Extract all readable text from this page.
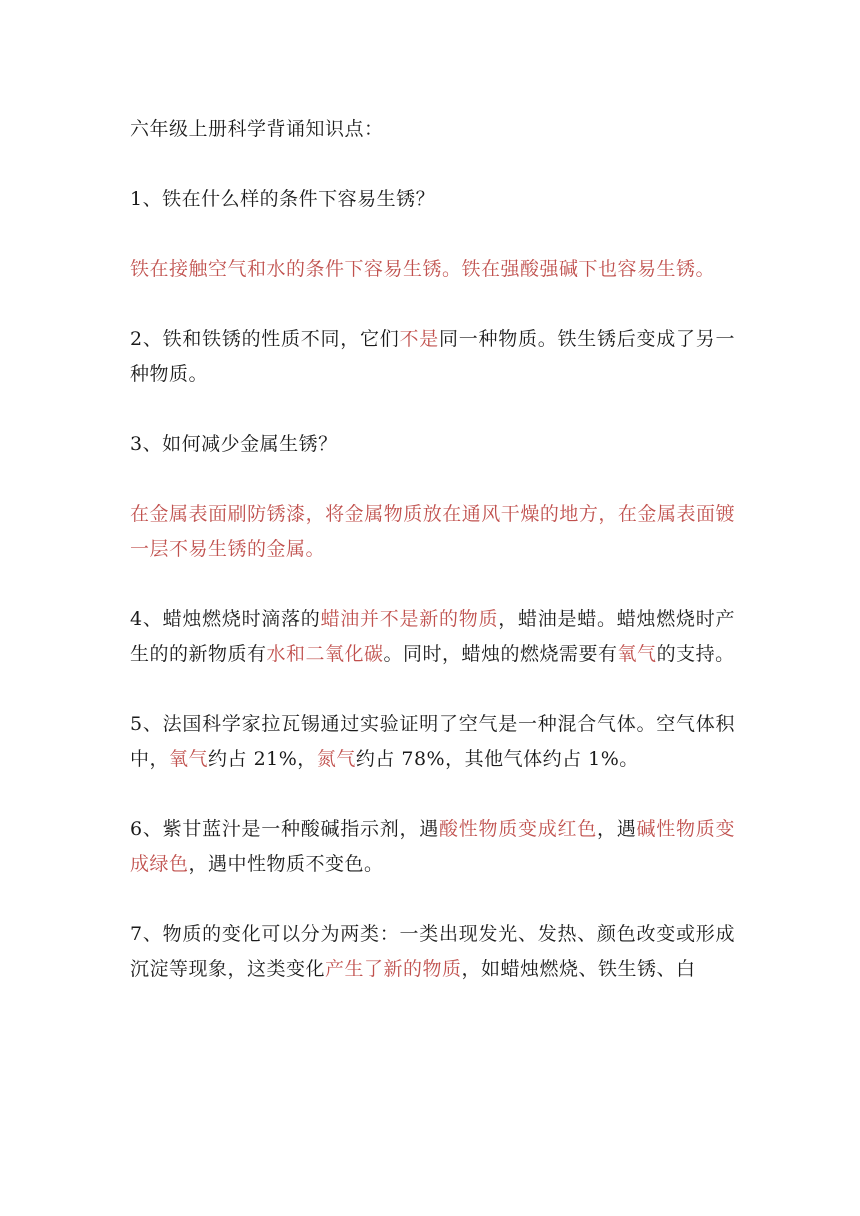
六年级上册科学背诵知识点：

1、铁在什么样的条件下容易生锈？

铁在接触空气和水的条件下容易生锈。铁在强酸强碱下也容易生锈。

2、铁和铁锈的性质不同，它们不是同一种物质。铁生锈后变成了另一种物质。

3、如何减少金属生锈？

在金属表面刷防锈漆，将金属物质放在通风干燥的地方，在金属表面镀一层不易生锈的金属。

4、蜡烛燃烧时滴落的蜡油并不是新的物质，蜡油是蜡。蜡烛燃烧时产生的的新物质有水和二氧化碳。同时，蜡烛的燃烧需要有氧气的支持。

5、法国科学家拉瓦锡通过实验证明了空气是一种混合气体。空气体积中，氧气约占 21%，氮气约占 78%，其他气体约占 1%。

6、紫甘蓝汁是一种酸碱指示剂，遇酸性物质变成红色，遇碱性物质变成绿色，遇中性物质不变色。

7、物质的变化可以分为两类：一类出现发光、发热、颜色改变或形成沉淀等现象，这类变化产生了新的物质，如蜡烛燃烧、铁生锈、白
